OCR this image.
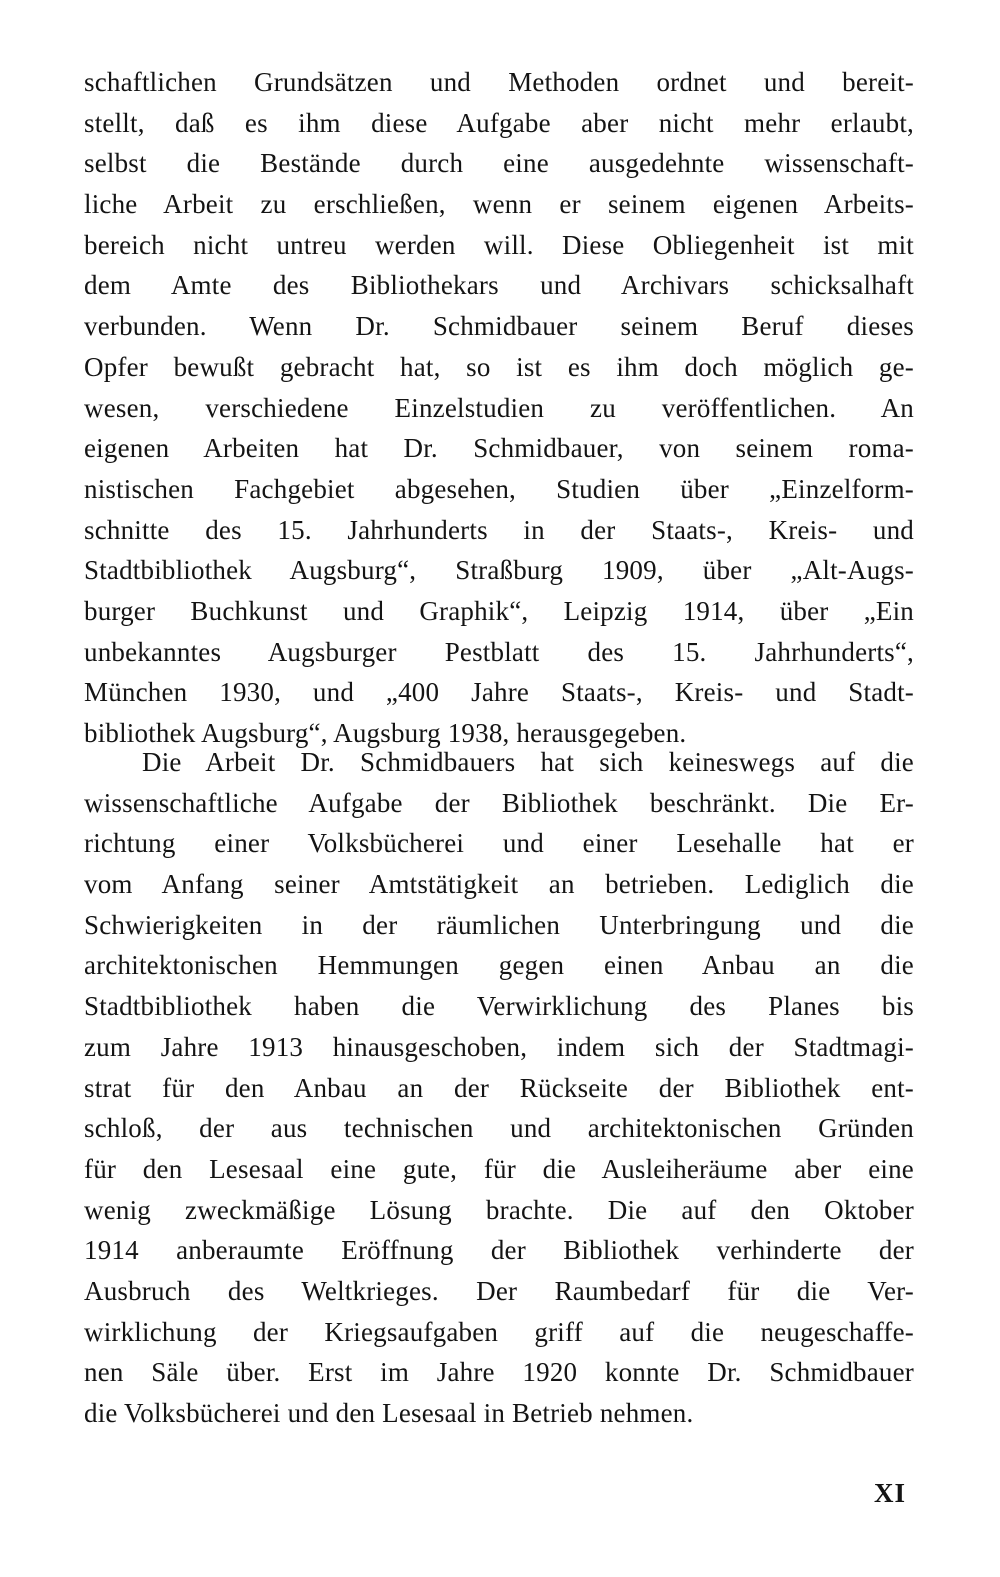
schaftlichen Grundsätzen und Methoden ordnet und bereit-
stellt, daß es ihm diese Aufgabe aber nicht mehr erlaubt,
selbst die Bestände durch eine ausgedehnte wissenschaft-
liche Arbeit zu erschließen, wenn er seinem eigenen Arbeits-
bereich nicht untreu werden will. Diese Obliegenheit ist mit
dem Amte des Bibliothekars und Archivars schicksalhaft
verbunden. Wenn Dr. Schmidbauer seinem Beruf dieses
Opfer bewußt gebracht hat, so ist es ihm doch möglich ge-
wesen, verschiedene Einzelstudien zu veröffentlichen. An
eigenen Arbeiten hat Dr. Schmidbauer, von seinem roma-
nistischen Fachgebiet abgesehen, Studien über „Einzelform-
schnitte des 15. Jahrhunderts in der Staats-, Kreis- und
Stadtbibliothek Augsburg“, Straßburg 1909, über „Alt-Augs-
burger Buchkunst und Graphik“, Leipzig 1914, über „Ein
unbekanntes Augsburger Pestblatt des 15. Jahrhunderts“,
München 1930, und „400 Jahre Staats-, Kreis- und Stadt-
bibliothek Augsburg“, Augsburg 1938, herausgegeben.
Die Arbeit Dr. Schmidbauers hat sich keineswegs auf die
wissenschaftliche Aufgabe der Bibliothek beschränkt. Die Er-
richtung einer Volksbücherei und einer Lesehalle hat er
vom Anfang seiner Amtstätigkeit an betrieben. Lediglich die
Schwierigkeiten in der räumlichen Unterbringung und die
architektonischen Hemmungen gegen einen Anbau an die
Stadtbibliothek haben die Verwirklichung des Planes bis
zum Jahre 1913 hinausgeschoben, indem sich der Stadtmagi-
strat für den Anbau an der Rückseite der Bibliothek ent-
schloß, der aus technischen und architektonischen Gründen
für den Lesesaal eine gute, für die Ausleiheräume aber eine
wenig zweckmäßige Lösung brachte. Die auf den Oktober
1914 anberaumte Eröffnung der Bibliothek verhinderte der
Ausbruch des Weltkrieges. Der Raumbedarf für die Ver-
wirklichung der Kriegsaufgaben griff auf die neugeschaffe-
nen Säle über. Erst im Jahre 1920 konnte Dr. Schmidbauer
die Volksbücherei und den Lesesaal in Betrieb nehmen.
XI
